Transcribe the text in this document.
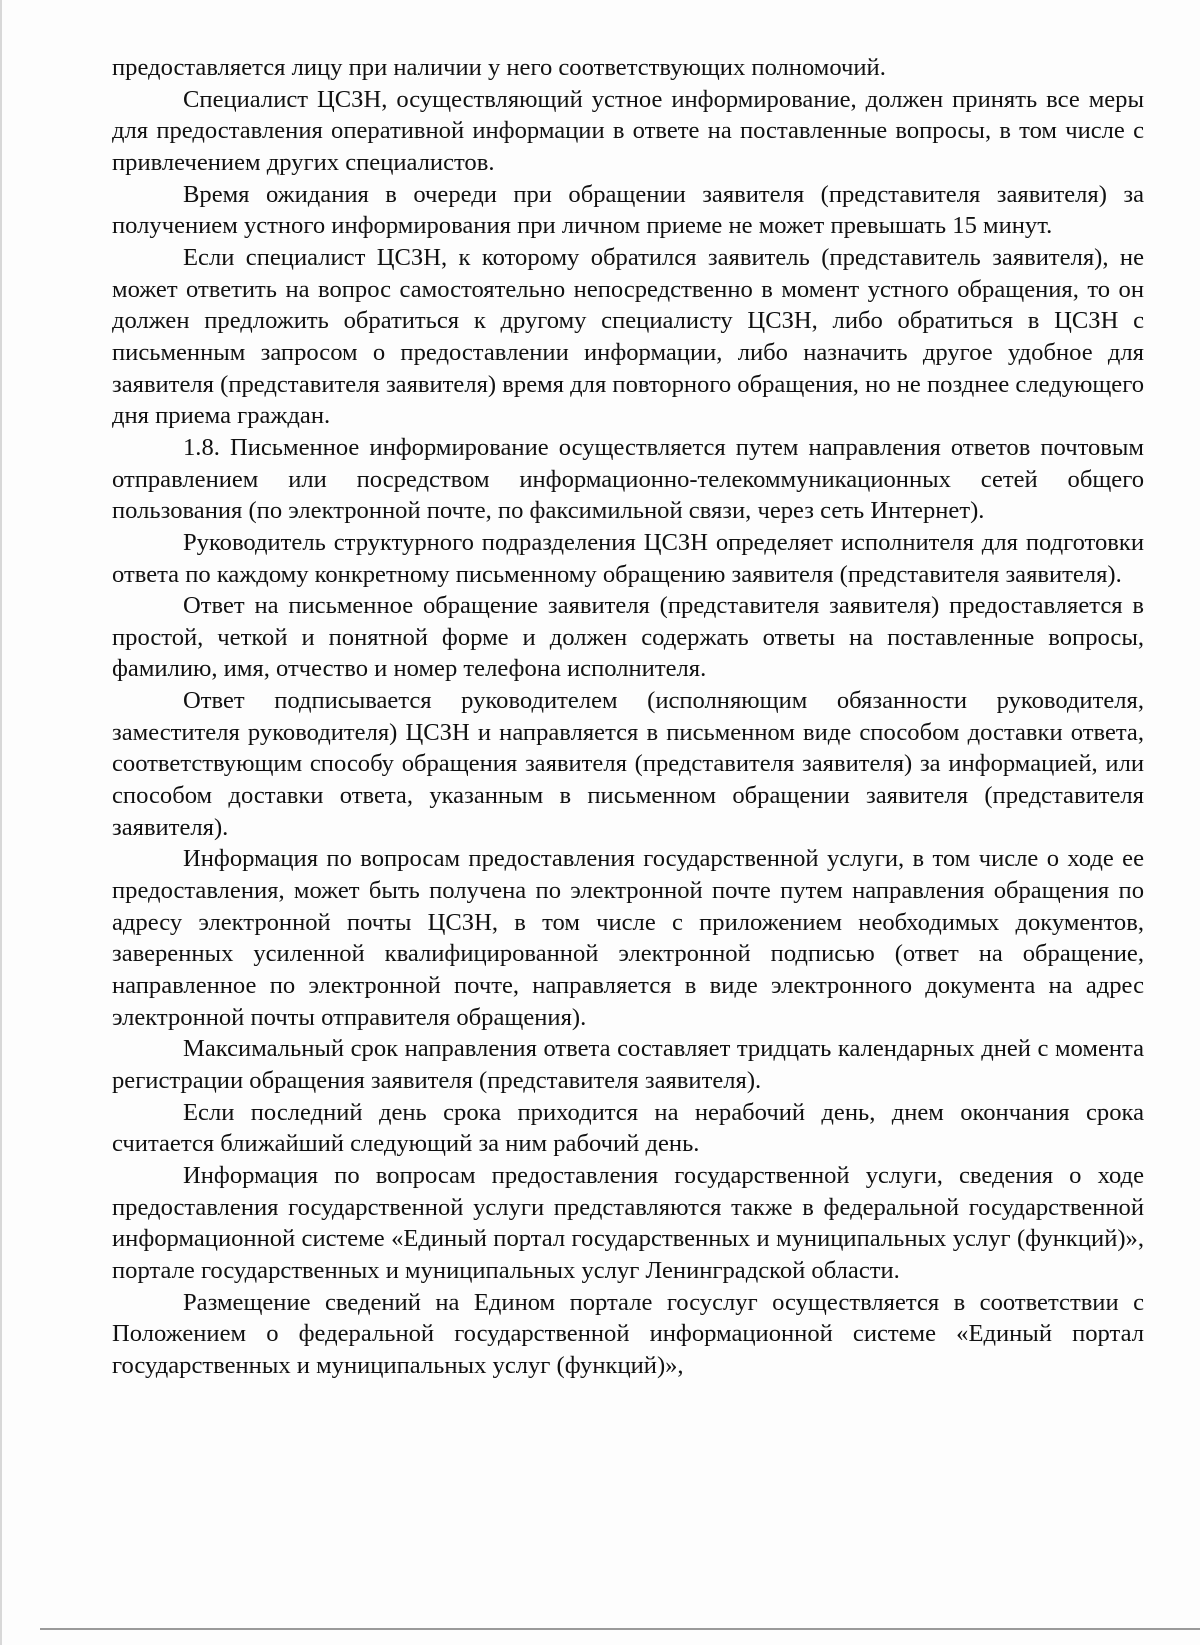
предоставляется лицу при наличии у него соответствующих полномочий.

Специалист ЦСЗН, осуществляющий устное информирование, должен принять все меры для предоставления оперативной информации в ответе на поставленные вопросы, в том числе с привлечением других специалистов.

Время ожидания в очереди при обращении заявителя (представителя заявителя) за получением устного информирования при личном приеме не может превышать 15 минут.

Если специалист ЦСЗН, к которому обратился заявитель (представитель заявителя), не может ответить на вопрос самостоятельно непосредственно в момент устного обращения, то он должен предложить обратиться к другому специалисту ЦСЗН, либо обратиться в ЦСЗН с письменным запросом о предоставлении информации, либо назначить другое удобное для заявителя (представителя заявителя) время для повторного обращения, но не позднее следующего дня приема граждан.

1.8. Письменное информирование осуществляется путем направления ответов почтовым отправлением или посредством информационно-телекоммуникационных сетей общего пользования (по электронной почте, по факсимильной связи, через сеть Интернет).

Руководитель структурного подразделения ЦСЗН определяет исполнителя для подготовки ответа по каждому конкретному письменному обращению заявителя (представителя заявителя).

Ответ на письменное обращение заявителя (представителя заявителя) предоставляется в простой, четкой и понятной форме и должен содержать ответы на поставленные вопросы, фамилию, имя, отчество и номер телефона исполнителя.

Ответ подписывается руководителем (исполняющим обязанности руководителя, заместителя руководителя) ЦСЗН и направляется в письменном виде способом доставки ответа, соответствующим способу обращения заявителя (представителя заявителя) за информацией, или способом доставки ответа, указанным в письменном обращении заявителя (представителя заявителя).

Информация по вопросам предоставления государственной услуги, в том числе о ходе ее предоставления, может быть получена по электронной почте путем направления обращения по адресу электронной почты ЦСЗН, в том числе с приложением необходимых документов, заверенных усиленной квалифицированной электронной подписью (ответ на обращение, направленное по электронной почте, направляется в виде электронного документа на адрес электронной почты отправителя обращения).

Максимальный срок направления ответа составляет тридцать календарных дней с момента регистрации обращения заявителя (представителя заявителя).

Если последний день срока приходится на нерабочий день, днем окончания срока считается ближайший следующий за ним рабочий день.

Информация по вопросам предоставления государственной услуги, сведения о ходе предоставления государственной услуги представляются также в федеральной государственной информационной системе «Единый портал государственных и муниципальных услуг (функций)», портале государственных и муниципальных услуг Ленинградской области.

Размещение сведений на Едином портале госуслуг осуществляется в соответствии с Положением о федеральной государственной информационной системе «Единый портал государственных и муниципальных услуг (функций)»,
